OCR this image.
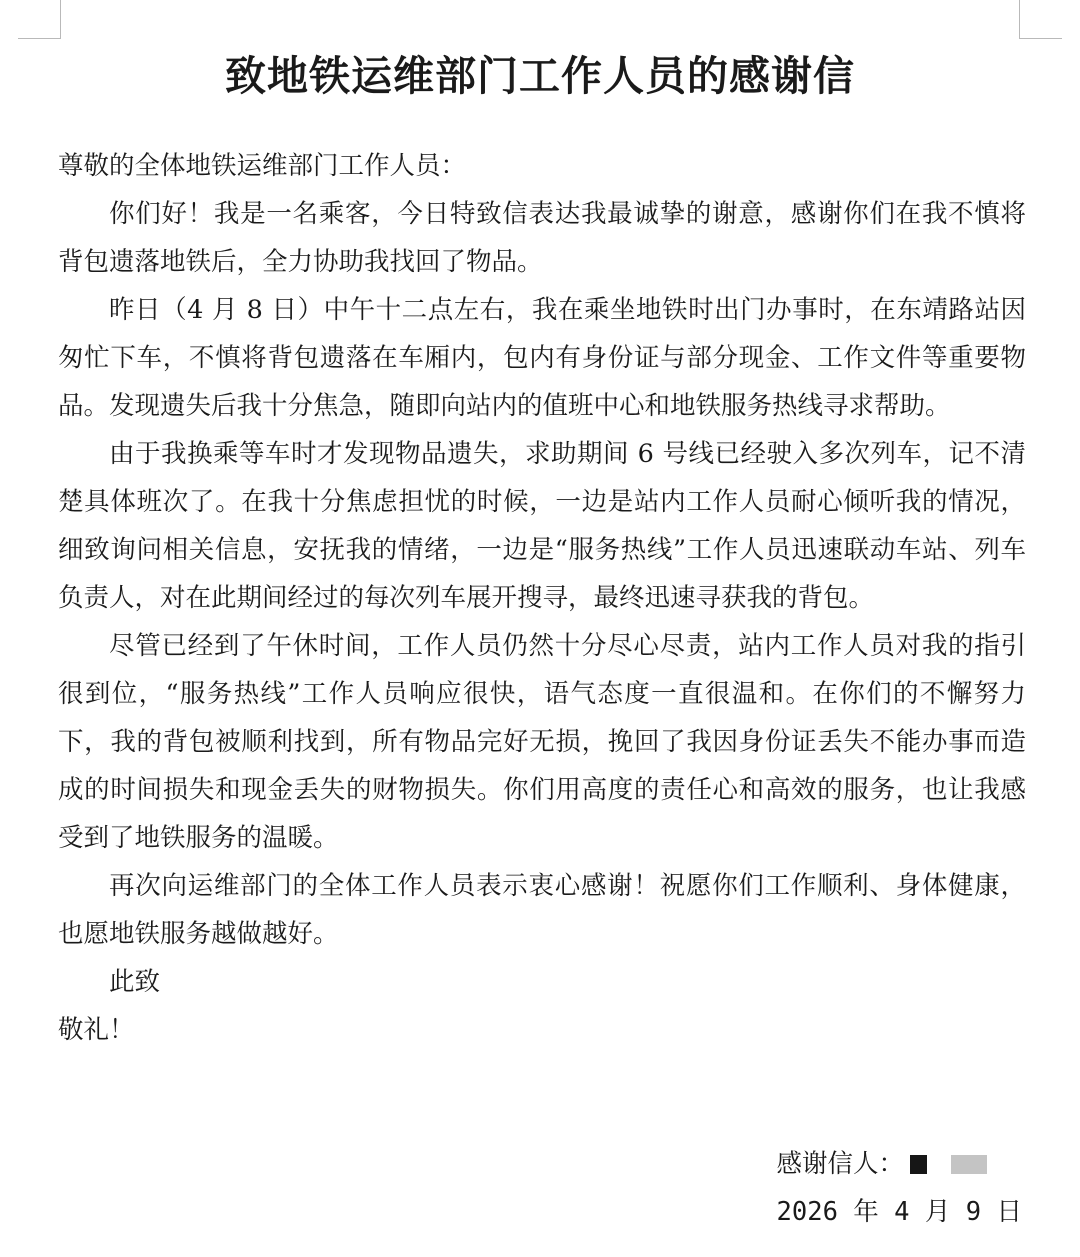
致地铁运维部门工作人员的感谢信

尊敬的全体地铁运维部门工作人员：

你们好！我是一名乘客，今日特致信表达我最诚挚的谢意，感谢你们在我不慎将背包遗落地铁后，全力协助我找回了物品。

昨日（4 月 8 日）中午十二点左右，我在乘坐地铁时出门办事时，在东靖路站因匆忙下车，不慎将背包遗落在车厢内，包内有身份证与部分现金、工作文件等重要物品。发现遗失后我十分焦急，随即向站内的值班中心和地铁服务热线寻求帮助。

由于我换乘等车时才发现物品遗失，求助期间 6 号线已经驶入多次列车，记不清楚具体班次了。在我十分焦虑担忧的时候，一边是站内工作人员耐心倾听我的情况，细致询问相关信息，安抚我的情绪，一边是“服务热线”工作人员迅速联动车站、列车负责人，对在此期间经过的每次列车展开搜寻，最终迅速寻获我的背包。

尽管已经到了午休时间，工作人员仍然十分尽心尽责，站内工作人员对我的指引很到位，“服务热线”工作人员响应很快，语气态度一直很温和。在你们的不懈努力下，我的背包被顺利找到，所有物品完好无损，挽回了我因身份证丢失不能办事而造成的时间损失和现金丢失的财物损失。你们用高度的责任心和高效的服务，也让我感受到了地铁服务的温暖。

再次向运维部门的全体工作人员表示衷心感谢！祝愿你们工作顺利、身体健康，也愿地铁服务越做越好。

此致

敬礼！

感谢信人：
2026 年 4 月 9 日
